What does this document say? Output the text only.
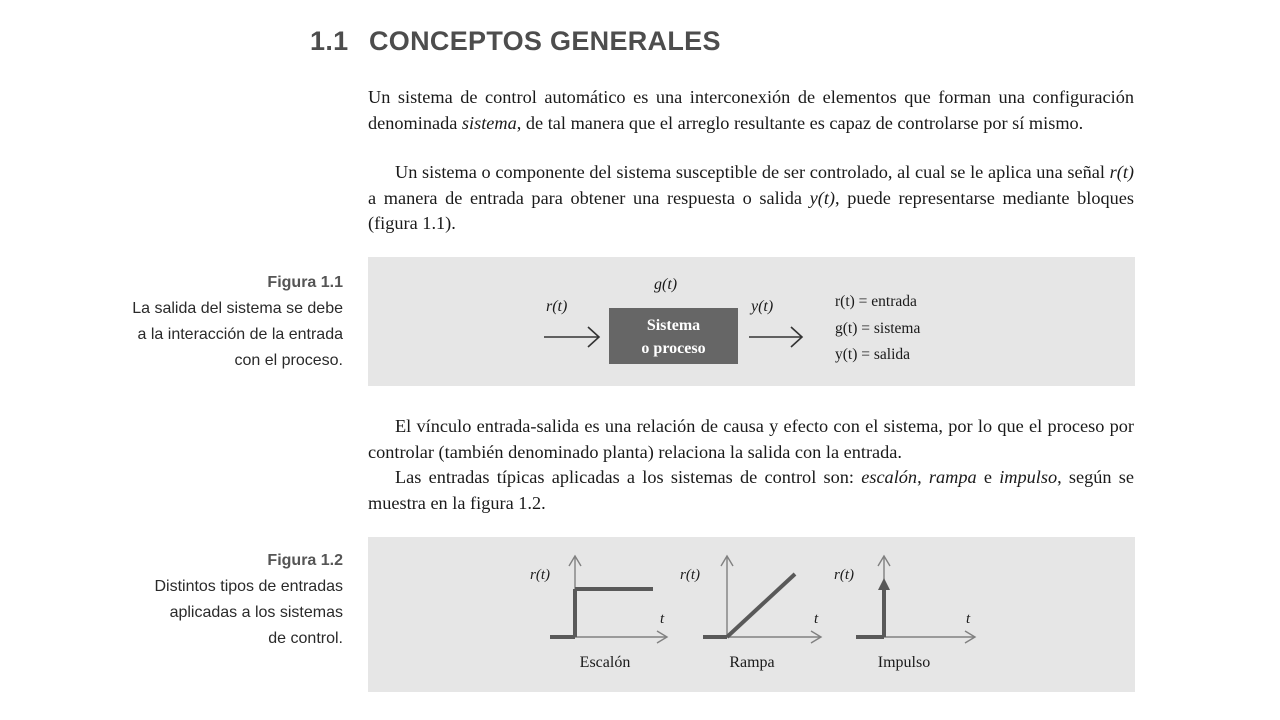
1.1 CONCEPTOS GENERALES

Un sistema de control automático es una interconexión de elementos que forman una configuración denominada sistema, de tal manera que el arreglo resultante es capaz de controlarse por sí mismo.

Un sistema o componente del sistema susceptible de ser controlado, al cual se le aplica una señal r(t) a manera de entrada para obtener una respuesta o salida y(t), puede representarse mediante bloques (figura 1.1).

Figura 1.1
La salida del sistema se debe
a la interacción de la entrada
con el proceso.
r(t)
g(t)
Sistema
o proceso
y(t)	r(t) = entrada
g(t) = sistema
y(t) = salida

El vínculo entrada-salida es una relación de causa y efecto con el sistema, por lo que el proceso por controlar (también denominado planta) relaciona la salida con la entrada.

Las entradas típicas aplicadas a los sistemas de control son: escalón, rampa e impulso, según se muestra en la figura 1.2.

Figura 1.2
Distintos tipos de entradas
aplicadas a los sistemas
de control.
r(t)
t
Escalón
r(t)
t
Rampa
r(t)
t
Impulso
